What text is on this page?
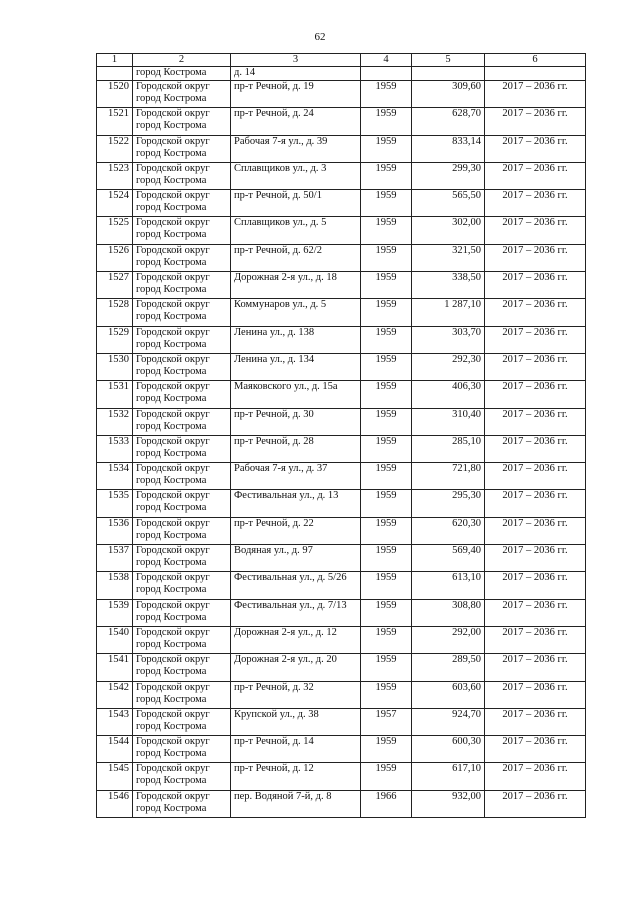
62
1	2	3	4	5	6
	город Кострома	д. 14			
1520	Городской округ город Кострома	пр-т Речной, д. 19	1959	309,60	2017 – 2036 гг.
1521	Городской округ город Кострома	пр-т Речной, д. 24	1959	628,70	2017 – 2036 гг.
1522	Городской округ город Кострома	Рабочая 7-я ул., д. 39	1959	833,14	2017 – 2036 гг.
1523	Городской округ город Кострома	Сплавщиков ул., д. 3	1959	299,30	2017 – 2036 гг.
1524	Городской округ город Кострома	пр-т Речной, д. 50/1	1959	565,50	2017 – 2036 гг.
1525	Городской округ город Кострома	Сплавщиков ул., д. 5	1959	302,00	2017 – 2036 гг.
1526	Городской округ город Кострома	пр-т Речной, д. 62/2	1959	321,50	2017 – 2036 гг.
1527	Городской округ город Кострома	Дорожная 2-я ул., д. 18	1959	338,50	2017 – 2036 гг.
1528	Городской округ город Кострома	Коммунаров ул., д. 5	1959	1 287,10	2017 – 2036 гг.
1529	Городской округ город Кострома	Ленина ул., д. 138	1959	303,70	2017 – 2036 гг.
1530	Городской округ город Кострома	Ленина ул., д. 134	1959	292,30	2017 – 2036 гг.
1531	Городской округ город Кострома	Маяковского ул., д. 15а	1959	406,30	2017 – 2036 гг.
1532	Городской округ город Кострома	пр-т Речной, д. 30	1959	310,40	2017 – 2036 гг.
1533	Городской округ город Кострома	пр-т Речной, д. 28	1959	285,10	2017 – 2036 гг.
1534	Городской округ город Кострома	Рабочая 7-я ул., д. 37	1959	721,80	2017 – 2036 гг.
1535	Городской округ город Кострома	Фестивальная ул., д. 13	1959	295,30	2017 – 2036 гг.
1536	Городской округ город Кострома	пр-т Речной, д. 22	1959	620,30	2017 – 2036 гг.
1537	Городской округ город Кострома	Водяная ул., д. 97	1959	569,40	2017 – 2036 гг.
1538	Городской округ город Кострома	Фестивальная ул., д. 5/26	1959	613,10	2017 – 2036 гг.
1539	Городской округ город Кострома	Фестивальная ул., д. 7/13	1959	308,80	2017 – 2036 гг.
1540	Городской округ город Кострома	Дорожная 2-я ул., д. 12	1959	292,00	2017 – 2036 гг.
1541	Городской округ город Кострома	Дорожная 2-я ул., д. 20	1959	289,50	2017 – 2036 гг.
1542	Городской округ город Кострома	пр-т Речной, д. 32	1959	603,60	2017 – 2036 гг.
1543	Городской округ город Кострома	Крупской ул., д. 38	1957	924,70	2017 – 2036 гг.
1544	Городской округ город Кострома	пр-т Речной, д. 14	1959	600,30	2017 – 2036 гг.
1545	Городской округ город Кострома	пр-т Речной, д. 12	1959	617,10	2017 – 2036 гг.
1546	Городской округ город Кострома	пер. Водяной 7-й, д. 8	1966	932,00	2017 – 2036 гг.
